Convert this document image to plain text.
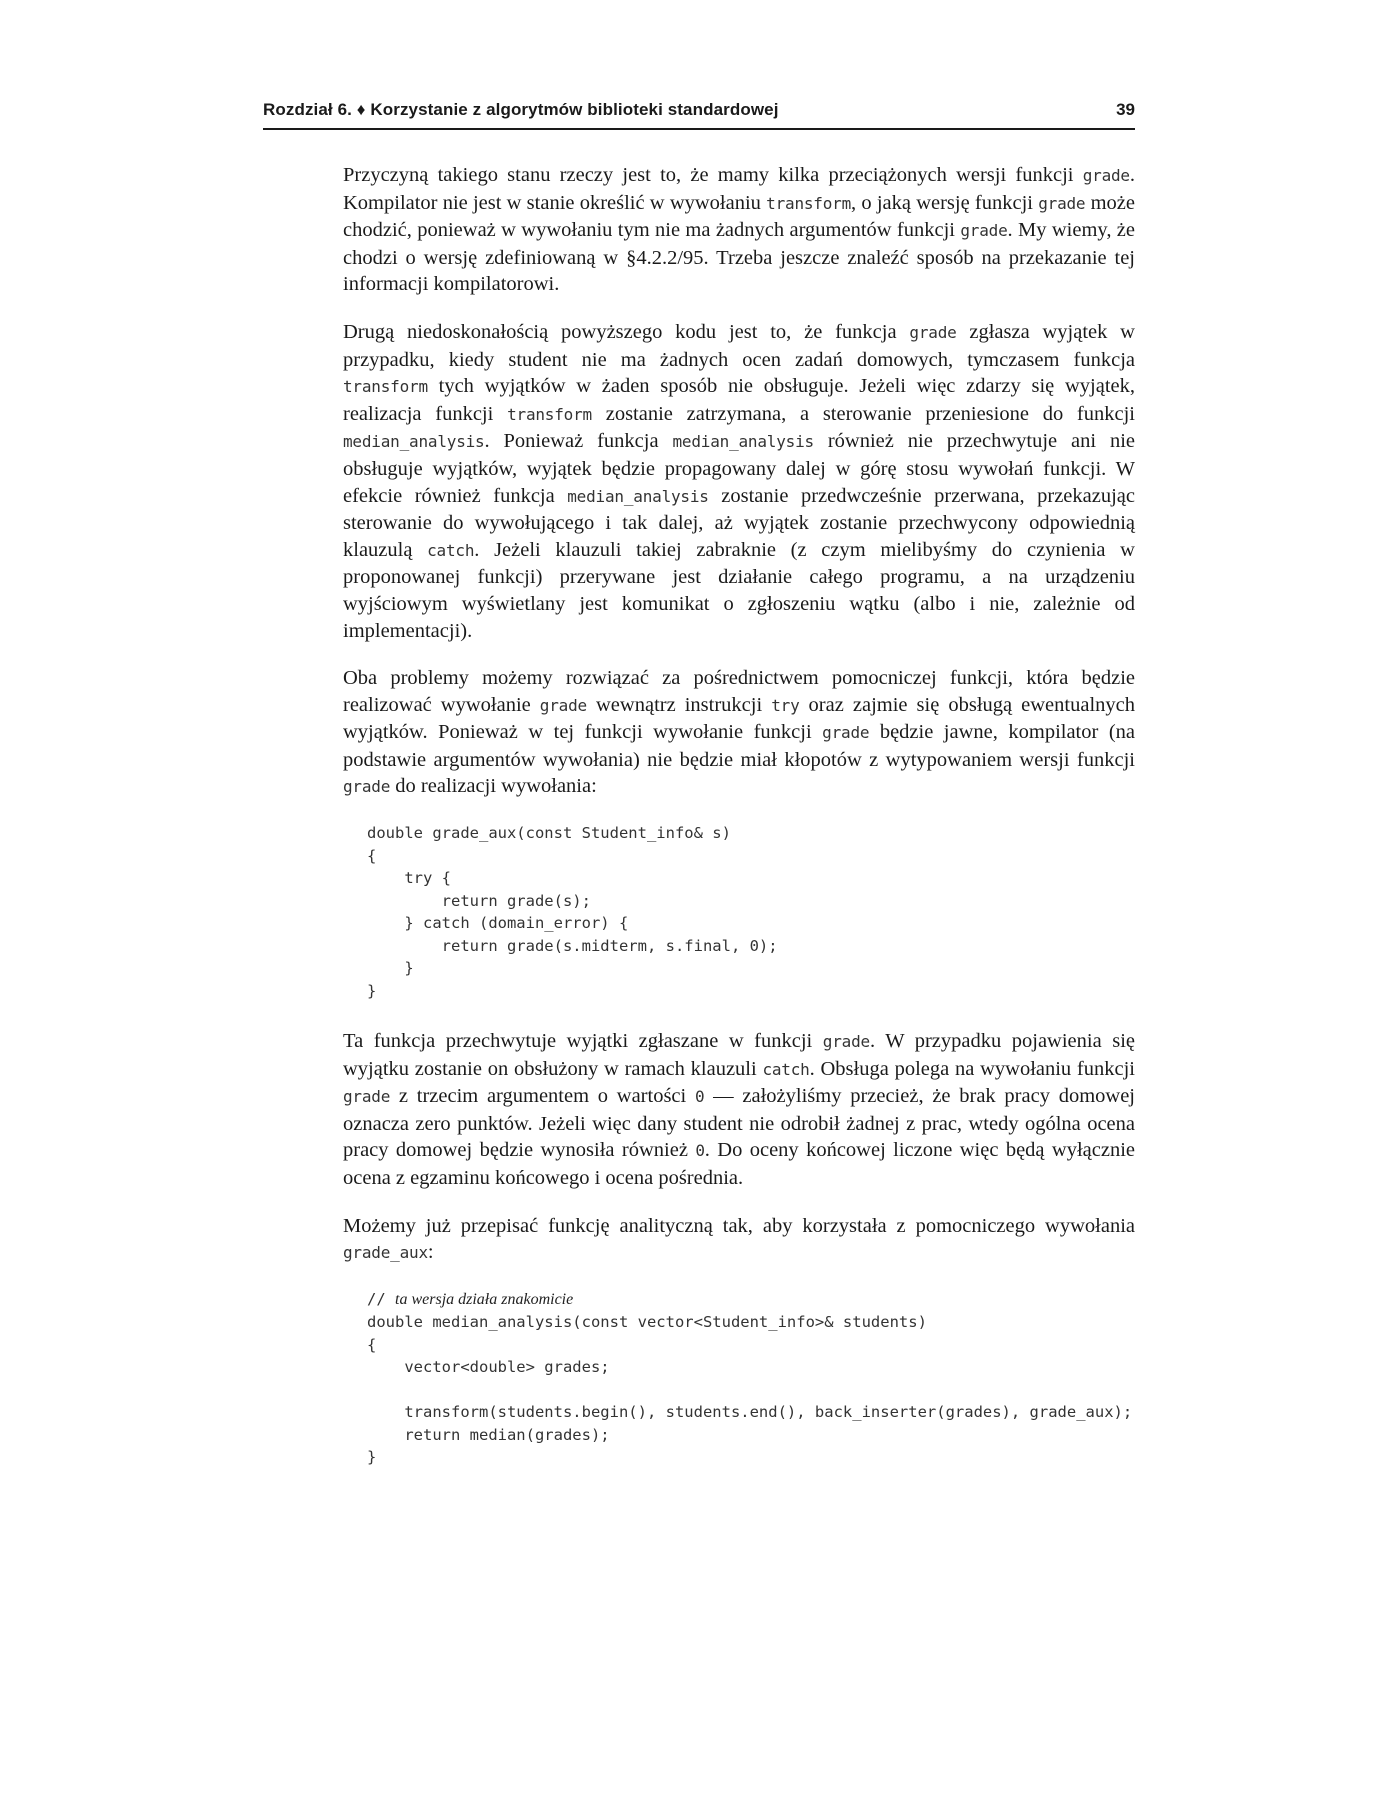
Rozdział 6. ♦ Korzystanie z algorytmów biblioteki standardowej	39

Przyczyną takiego stanu rzeczy jest to, że mamy kilka przeciążonych wersji funkcji grade. Kompilator nie jest w stanie określić w wywołaniu transform, o jaką wersję funkcji grade może chodzić, ponieważ w wywołaniu tym nie ma żadnych argumentów funkcji grade. My wiemy, że chodzi o wersję zdefiniowaną w §4.2.2/95. Trzeba jeszcze znaleźć sposób na przekazanie tej informacji kompilatorowi.

Drugą niedoskonałością powyższego kodu jest to, że funkcja grade zgłasza wyjątek w przypadku, kiedy student nie ma żadnych ocen zadań domowych, tymczasem funkcja transform tych wyjątków w żaden sposób nie obsługuje. Jeżeli więc zdarzy się wyjątek, realizacja funkcji transform zostanie zatrzymana, a sterowanie przeniesione do funkcji median_analysis. Ponieważ funkcja median_analysis również nie przechwytuje ani nie obsługuje wyjątków, wyjątek będzie propagowany dalej w górę stosu wywołań funkcji. W efekcie również funkcja median_analysis zostanie przedwcześnie przerwana, przekazując sterowanie do wywołującego i tak dalej, aż wyjątek zostanie przechwycony odpowiednią klauzulą catch. Jeżeli klauzuli takiej zabraknie (z czym mielibyśmy do czynienia w proponowanej funkcji) przerywane jest działanie całego programu, a na urządzeniu wyjściowym wyświetlany jest komunikat o zgłoszeniu wątku (albo i nie, zależnie od implementacji).

Oba problemy możemy rozwiązać za pośrednictwem pomocniczej funkcji, która będzie realizować wywołanie grade wewnątrz instrukcji try oraz zajmie się obsługą ewentualnych wyjątków. Ponieważ w tej funkcji wywołanie funkcji grade będzie jawne, kompilator (na podstawie argumentów wywołania) nie będzie miał kłopotów z wytypowaniem wersji funkcji grade do realizacji wywołania:

double grade_aux(const Student_info& s)
{
try {
return grade(s);
} catch (domain_error) {
return grade(s.midterm, s.final, 0);
}
}

Ta funkcja przechwytuje wyjątki zgłaszane w funkcji grade. W przypadku pojawienia się wyjątku zostanie on obsłużony w ramach klauzuli catch. Obsługa polega na wywołaniu funkcji grade z trzecim argumentem o wartości 0 — założyliśmy przecież, że brak pracy domowej oznacza zero punktów. Jeżeli więc dany student nie odrobił żadnej z prac, wtedy ogólna ocena pracy domowej będzie wynosiła również 0. Do oceny końcowej liczone więc będą wyłącznie ocena z egzaminu końcowego i ocena pośrednia.

Możemy już przepisać funkcję analityczną tak, aby korzystała z pomocniczego wywołania grade_aux:

// ta wersja działa znakomicie
double median_analysis(const vector<Student_info>& students)
{
vector<double> grades;

transform(students.begin(), students.end(), back_inserter(grades), grade_aux);
return median(grades);
}
